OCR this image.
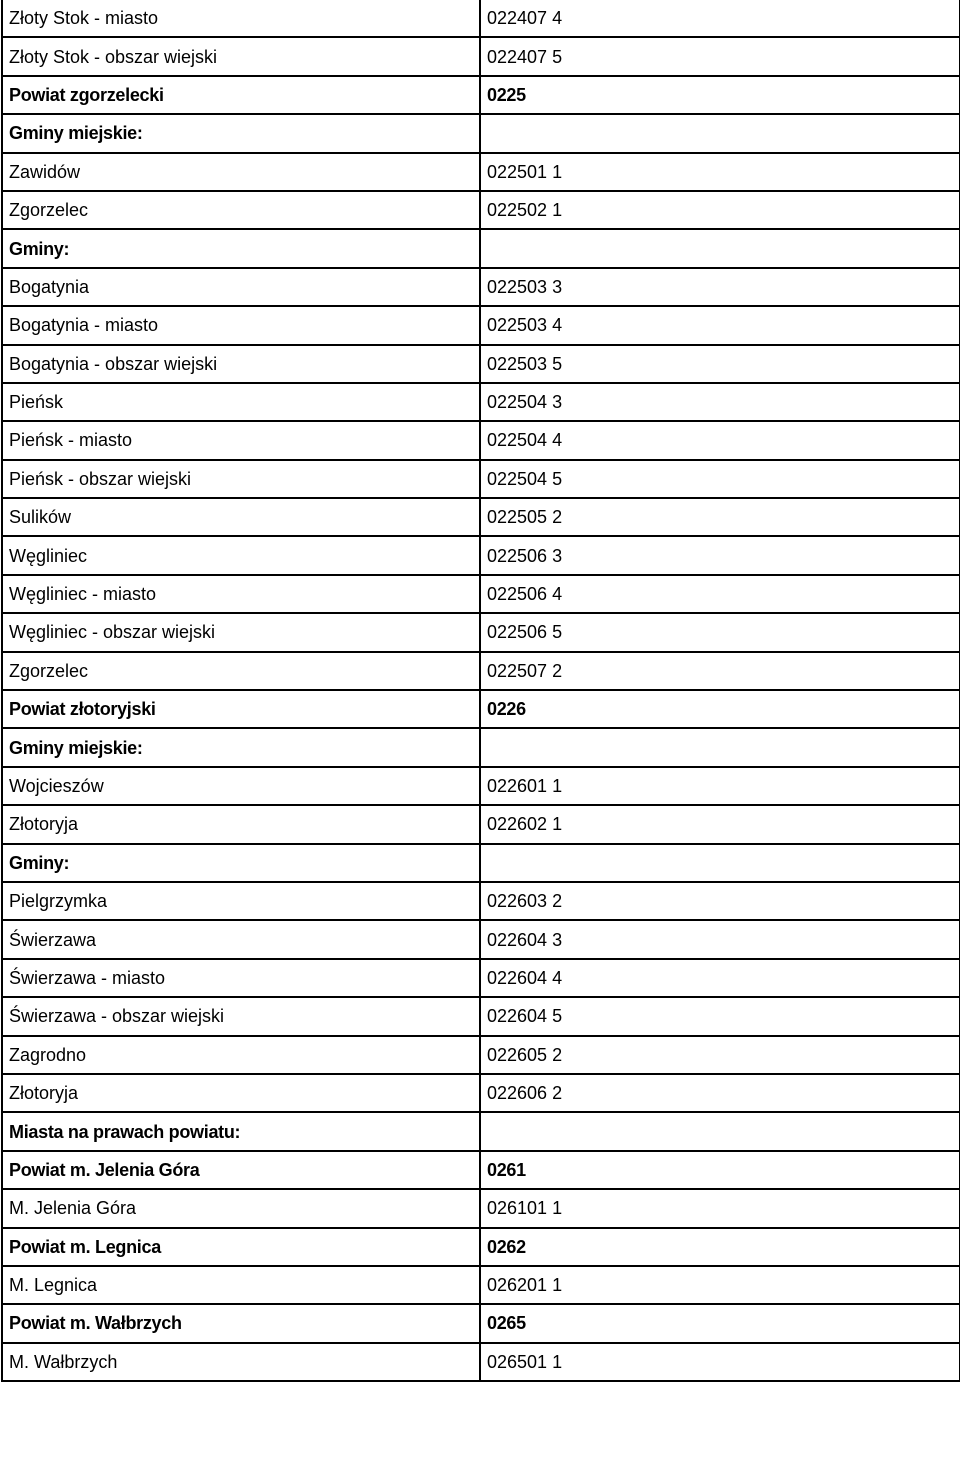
Złoty Stok - miasto	022407 4
Złoty Stok - obszar wiejski	022407 5
Powiat zgorzelecki	0225
Gminy miejskie:	
Zawidów	022501 1
Zgorzelec	022502 1
Gminy:	
Bogatynia	022503 3
Bogatynia - miasto	022503 4
Bogatynia - obszar wiejski	022503 5
Pieńsk	022504 3
Pieńsk - miasto	022504 4
Pieńsk - obszar wiejski	022504 5
Sulików	022505 2
Węgliniec	022506 3
Węgliniec - miasto	022506 4
Węgliniec - obszar wiejski	022506 5
Zgorzelec	022507 2
Powiat złotoryjski	0226
Gminy miejskie:	
Wojcieszów	022601 1
Złotoryja	022602 1
Gminy:	
Pielgrzymka	022603 2
Świerzawa	022604 3
Świerzawa - miasto	022604 4
Świerzawa - obszar wiejski	022604 5
Zagrodno	022605 2
Złotoryja	022606 2
Miasta na prawach powiatu:	
Powiat m. Jelenia Góra	0261
M. Jelenia Góra	026101 1
Powiat m. Legnica	0262
M. Legnica	026201 1
Powiat m. Wałbrzych	0265
M. Wałbrzych	026501 1
